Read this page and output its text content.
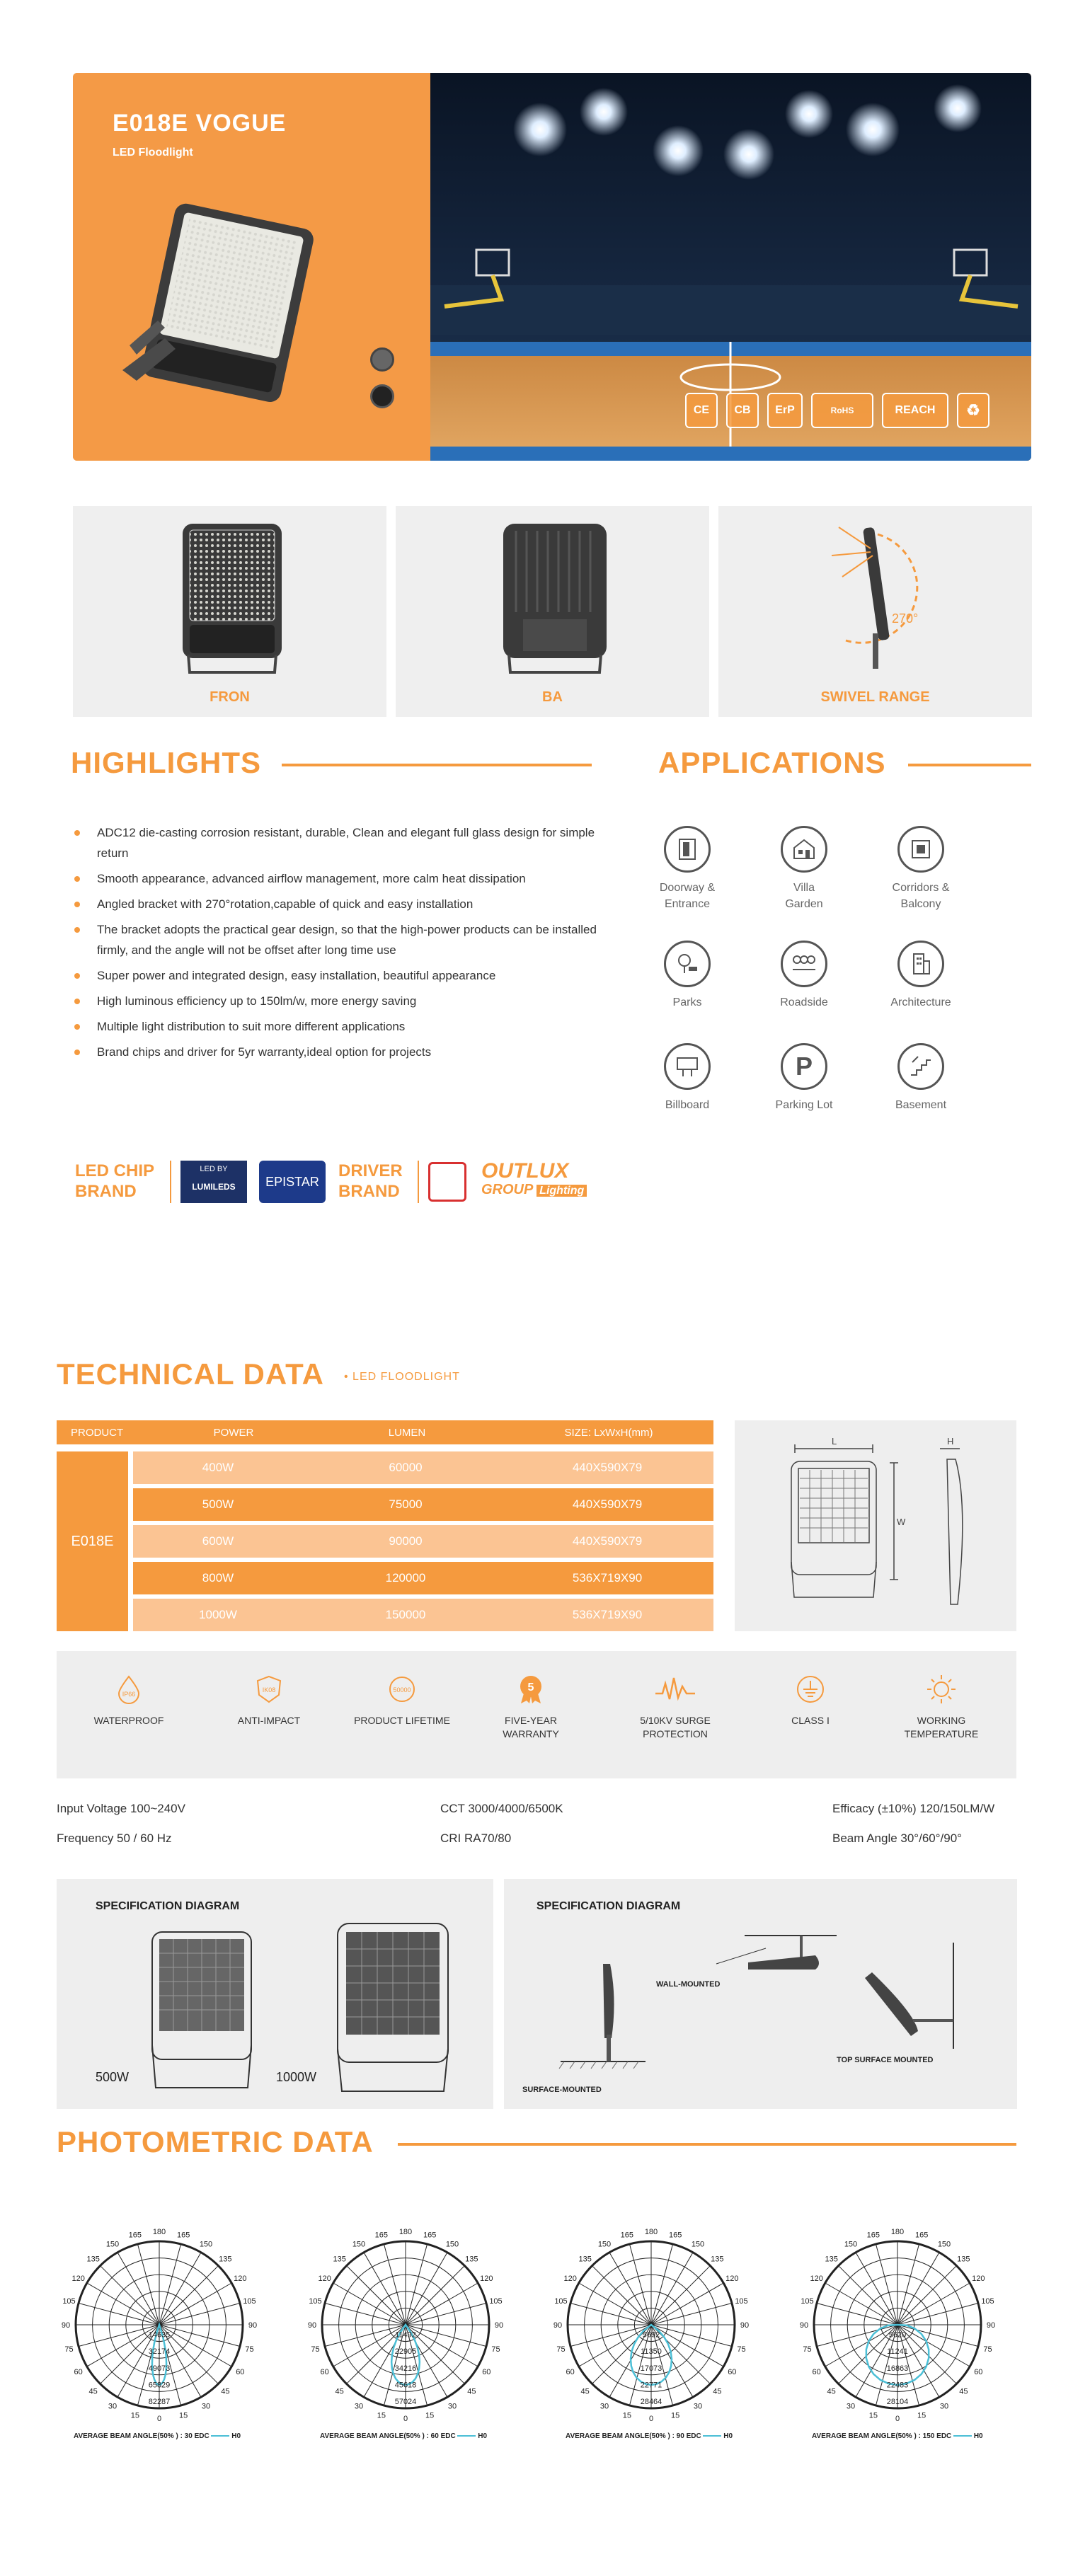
E018E VOGUE
LED Floodlight
CE	CB	ErP	RoHS	REACH	♻
FRON	BA
270°
SWIVEL RANGE
HIGHLIGHTS
ADC12 die-casting corrosion resistant, durable, Clean and elegant full glass design for simple return
Smooth appearance, advanced airflow management, more calm heat dissipation
Angled bracket with 270°rotation,capable of quick and easy installation
The bracket adopts the practical gear design, so that the high-power products can be installed firmly, and the angle will not be offset after long time use
Super power and integrated design, easy installation, beautiful appearance
High luminous efficiency up to 150lm/w, more energy saving
Multiple light distribution to suit more different applications
Brand chips and driver for 5yr warranty,ideal option for projects
APPLICATIONS
Doorway &
Entrance
Villa
Garden
Corridors &
Balcony
Parks	Roadside	Architecture
Billboard
P
Parking Lot	Basement
LED CHIP
BRAND
LED BY

LUMILEDS	EPISTAR
DRIVER
BRAND
OUTLUX
GROUP Lighting
TECHNICAL DATA • LED FLOODLIGHT
PRODUCT	POWER	LUMEN	SIZE: LxWxH(mm)
E018E
400W	60000	440X590X79
500W	75000	440X590X79
600W	90000	440X590X79
800W	120000	536X719X90
1000W	150000	536X719X90
L	H
W
IP66
WATERPROOF
IK08
ANTI-IMPACT
50000
PRODUCT LIFETIME
5
FIVE-YEAR WARRANTY
5/10KV SURGE PROTECTION
CLASS I	WORKING TEMPERATURE
Input Voltage 100~240V
Frequency 50 / 60 Hz
CCT 3000/4000/6500K
CRI RA70/80
Efficacy (±10%) 120/150LM/W
Beam Angle 30°/60°/90°
SPECIFICATION DIAGRAM
500W	1000W
SPECIFICATION DIAGRAM
WALL-MOUNTED
TOP SURFACE MOUNTED
SURFACE-MOUNTED
PHOTOMETRIC DATA
0 15
15
30
30
45
45
60
60
75
75
90
90
105
105
120
120
135
135
150
150
165
165 180
14635
32174
49073
65829
82287
AVERAGE BEAM ANGLE(50% ) : 30 EDC	H0
0 15
15
30
30
45
45
60
60
75
75
90
90
105
105
120
120
135
135
150
150
165
165 180
11492
22905
34216
45618
57024
AVERAGE BEAM ANGLE(50% ) : 60 EDC	H0
0 15
15
30
30
45
45
60
60
75
75
90
90
105
105
120
120
135
135
150
150
165
165 180
5692
11350
17073
22771
28464
AVERAGE BEAM ANGLE(50% ) : 90 EDC	H0
0 15
15
30
30
45
45
60
60
75
75
90
90
105
105
120
120
135
135
150
150
165
165 180
5620
11241
16863
22483
28104
AVERAGE BEAM ANGLE(50% ) : 150 EDC	H0
